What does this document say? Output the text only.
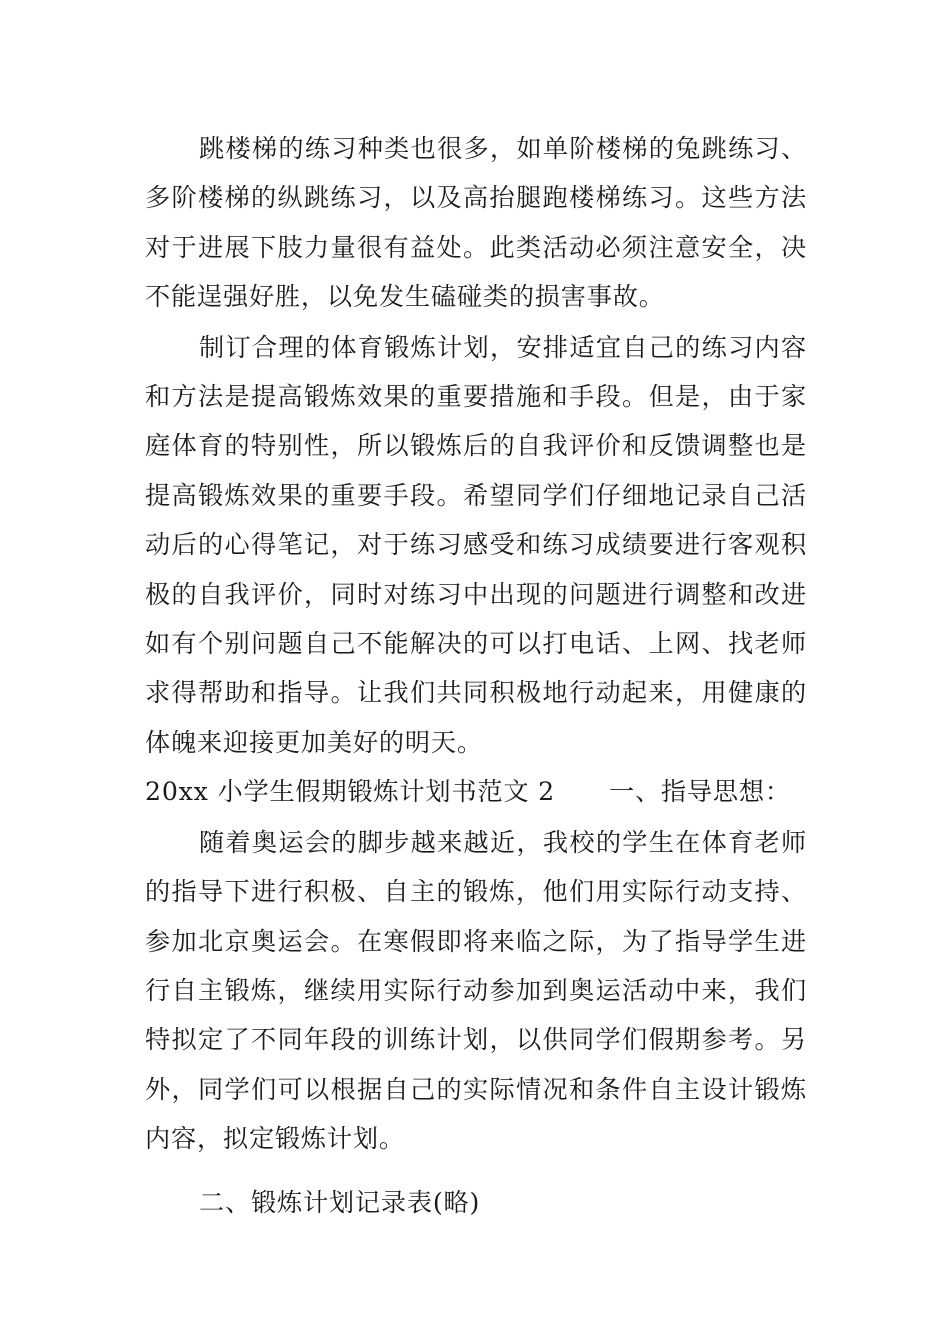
跳楼梯的练习种类也很多，如单阶楼梯的兔跳练习、多阶楼梯的纵跳练习，以及高抬腿跑楼梯练习。这些方法对于进展下肢力量很有益处。此类活动必须注意安全，决不能逞强好胜，以免发生磕碰类的损害事故。

制订合理的体育锻炼计划，安排适宜自己的练习内容和方法是提高锻炼效果的重要措施和手段。但是，由于家庭体育的特别性，所以锻炼后的自我评价和反馈调整也是提高锻炼效果的重要手段。希望同学们仔细地记录自己活动后的心得笔记，对于练习感受和练习成绩要进行客观积极的自我评价，同时对练习中出现的问题进行调整和改进如有个别问题自己不能解决的可以打电话、上网、找老师求得帮助和指导。让我们共同积极地行动起来，用健康的体魄来迎接更加美好的明天。

20xx 小学生假期锻炼计划书范文 2 一、指导思想：

随着奥运会的脚步越来越近，我校的学生在体育老师的指导下进行积极、自主的锻炼，他们用实际行动支持、参加北京奥运会。在寒假即将来临之际，为了指导学生进行自主锻炼，继续用实际行动参加到奥运活动中来，我们特拟定了不同年段的训练计划，以供同学们假期参考。另外，同学们可以根据自己的实际情况和条件自主设计锻炼内容，拟定锻炼计划。

二、锻炼计划记录表(略)
